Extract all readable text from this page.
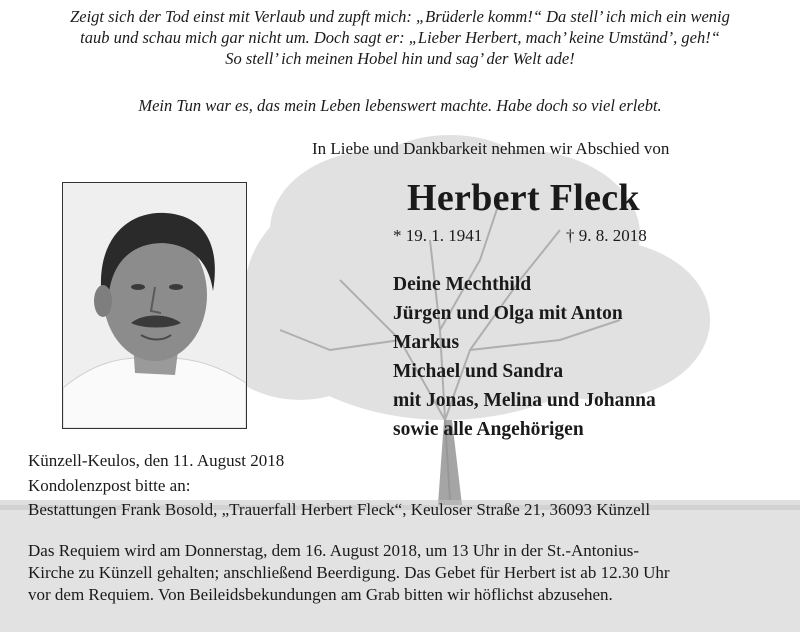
Zeigt sich der Tod einst mit Verlaub und zupft mich: „Brüderle komm!“ Da stell’ ich mich ein wenig
taub und schau mich gar nicht um. Doch sagt er: „Lieber Herbert, mach’ keine Umständ’, geh!“
So stell’ ich meinen Hobel hin und sag’ der Welt ade!
Mein Tun war es, das mein Leben lebenswert machte. Habe doch so viel erlebt.
In Liebe und Dankbarkeit nehmen wir Abschied von
Herbert Fleck
* 19. 1. 1941	† 9. 8. 2018
Deine Mechthild
Jürgen und Olga mit Anton
Markus
Michael und Sandra
mit Jonas, Melina und Johanna
sowie alle Angehörigen
Künzell-Keulos, den 11. August 2018
Kondolenzpost bitte an:
Bestattungen Frank Bosold, „Trauerfall Herbert Fleck“, Keuloser Straße 21, 36093 Künzell
Das Requiem wird am Donnerstag, dem 16. August 2018, um 13 Uhr in der St.-Antonius-
Kirche zu Künzell gehalten; anschließend Beerdigung. Das Gebet für Herbert ist ab 12.30 Uhr
vor dem Requiem. Von Beileidsbekundungen am Grab bitten wir höflichst abzusehen.
